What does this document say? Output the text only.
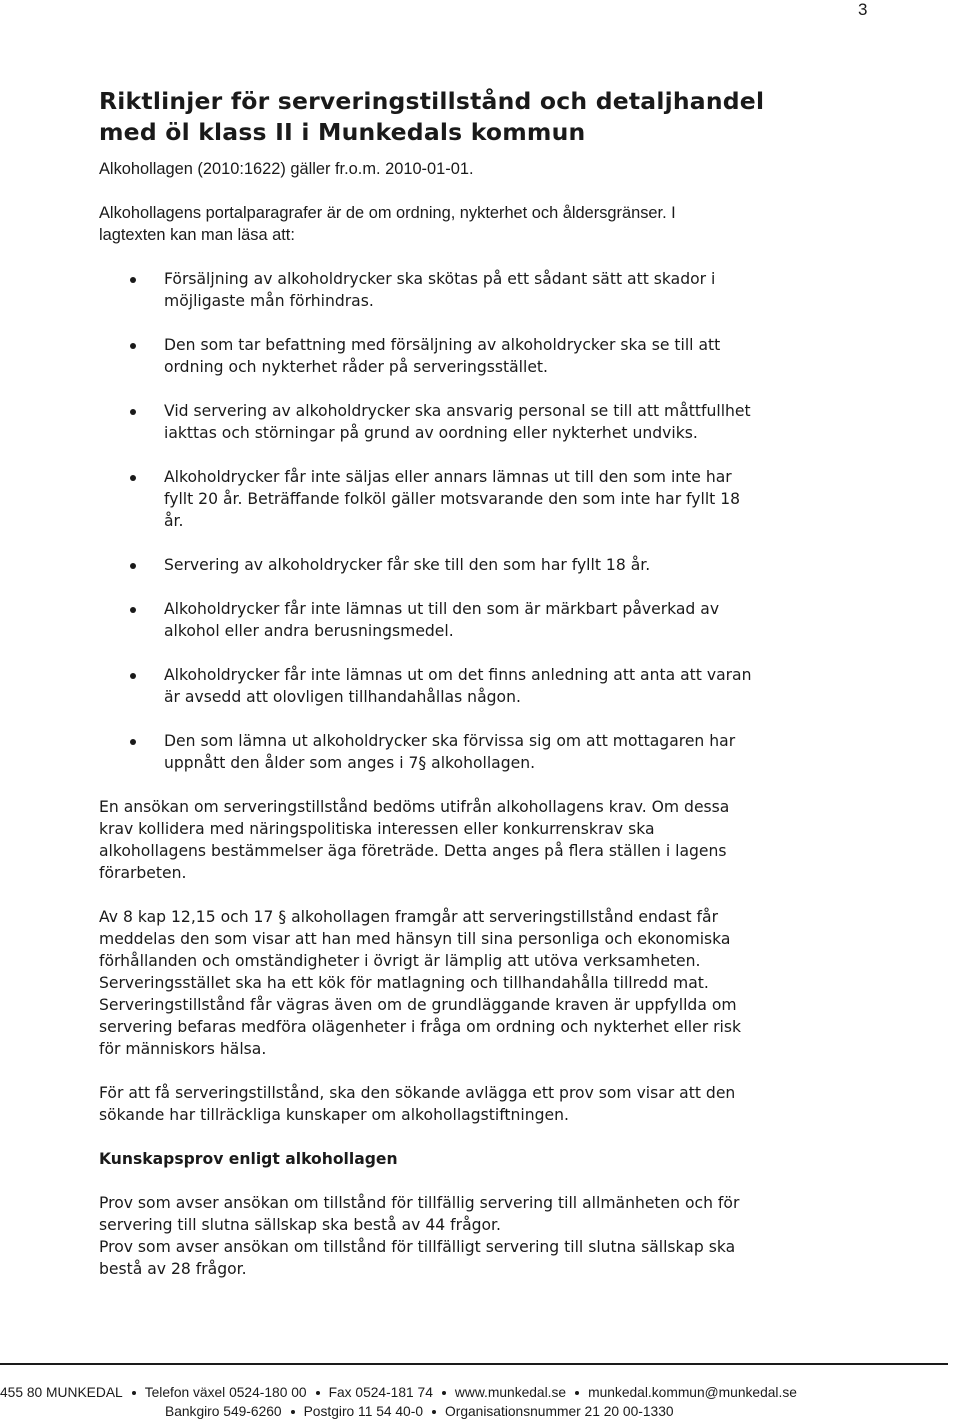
3
Riktlinjer för serveringstillstånd och detaljhandel
med öl klass II i Munkedals kommun
Alkohollagen (2010:1622) gäller fr.o.m. 2010-01-01.
Alkohollagens portalparagrafer är de om ordning, nykterhet och åldersgränser. I
lagtexten kan man läsa att:
Försäljning av alkoholdrycker ska skötas på ett sådant sätt att skador i
möjligaste mån förhindras.
Den som tar befattning med försäljning av alkoholdrycker ska se till att
ordning och nykterhet råder på serveringsstället.
Vid servering av alkoholdrycker ska ansvarig personal se till att måttfullhet
iakttas och störningar på grund av oordning eller nykterhet undviks.
Alkoholdrycker får inte säljas eller annars lämnas ut till den som inte har
fyllt 20 år. Beträffande folköl gäller motsvarande den som inte har fyllt 18
år.
Servering av alkoholdrycker får ske till den som har fyllt 18 år.
Alkoholdrycker får inte lämnas ut till den som är märkbart påverkad av
alkohol eller andra berusningsmedel.
Alkoholdrycker får inte lämnas ut om det finns anledning att anta att varan
är avsedd att olovligen tillhandahållas någon.
Den som lämna ut alkoholdrycker ska förvissa sig om att mottagaren har
uppnått den ålder som anges i 7§ alkohollagen.
En ansökan om serveringstillstånd bedöms utifrån alkohollagens krav. Om dessa
krav kollidera med näringspolitiska interessen eller konkurrenskrav ska
alkohollagens bestämmelser äga företräde. Detta anges på flera ställen i lagens
förarbeten.
Av 8 kap 12,15 och 17 § alkohollagen framgår att serveringstillstånd endast får
meddelas den som visar att han med hänsyn till sina personliga och ekonomiska
förhållanden och omständigheter i övrigt är lämplig att utöva verksamheten.
Serveringsstället ska ha ett kök för matlagning och tillhandahålla tillredd mat.
Serveringstillstånd får vägras även om de grundläggande kraven är uppfyllda om
servering befaras medföra olägenheter i fråga om ordning och nykterhet eller risk
för människors hälsa.
För att få serveringstillstånd, ska den sökande avlägga ett prov som visar att den
sökande har tillräckliga kunskaper om alkohollagstiftningen.
Kunskapsprov enligt alkohollagen
Prov som avser ansökan om tillstånd för tillfällig servering till allmänheten och för
servering till slutna sällskap ska bestå av 44 frågor.
Prov som avser ansökan om tillstånd för tillfälligt servering till slutna sällskap ska
bestå av 28 frågor.
455 80 MUNKEDAL Telefon växel 0524-180 00 Fax 0524-181 74 www.munkedal.se munkedal.kommun@munkedal.se
Bankgiro 549-6260 Postgiro 11 54 40-0 Organisationsnummer 21 20 00-1330
